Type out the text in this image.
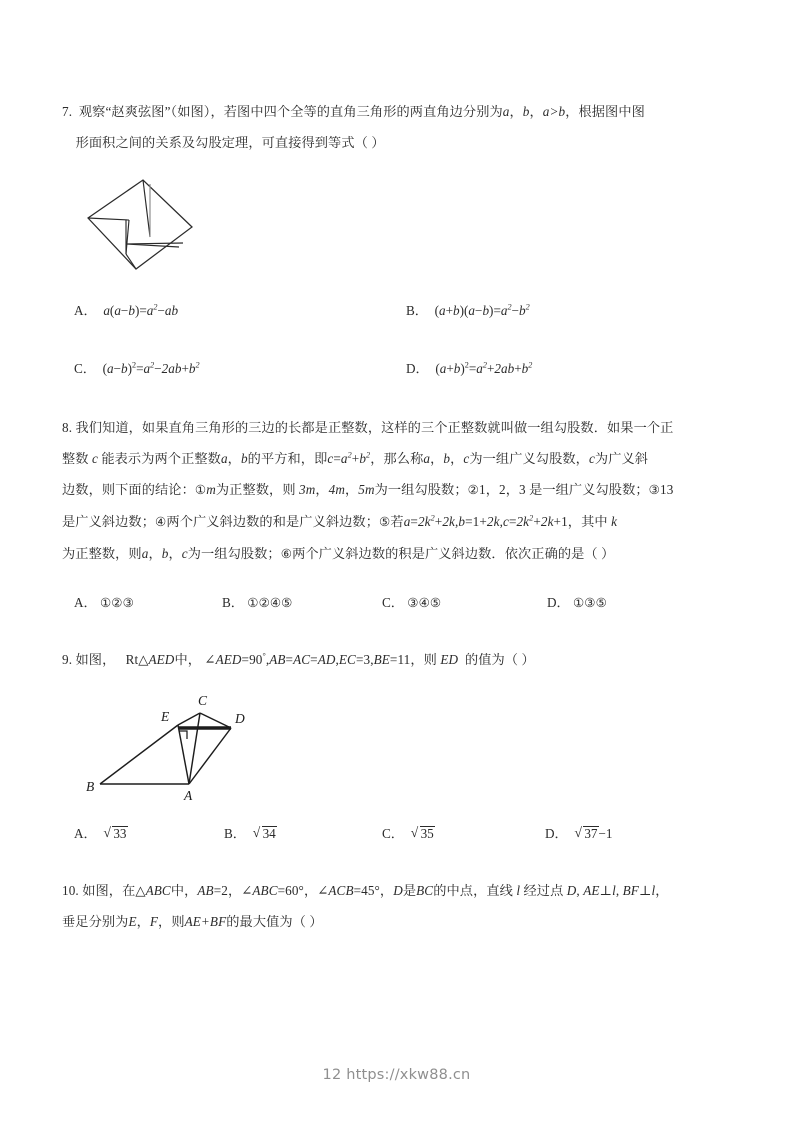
7. 观察“赵爽弦图”（如图），若图中四个全等的直角三角形的两直角边分别为a，b，a>b，根据图中图
形面积之间的关系及勾股定理，可直接得到等式（ ）
A． $a(a-b)=a^2-ab$	B． $(a+b)(a-b)=a^2-b^2$
C． $(a-b)^2=a^2-2ab+b^2$	D． $(a+b)^2=a^2+2ab+b^2$
8. 我们知道，如果直角三角形的三边的长都是正整数，这样的三个正整数就叫做一组勾股数．如果一个正
整数 c 能表示为两个正整数a，b的平方和，即$c=a^2+b^2$，那么称a，b，c为一组广义勾股数，c为广义斜
边数，则下面的结论：①m为正整数，则 3m，4m，5m为一组勾股数；②1，2，3 是一组广义勾股数；③13
是广义斜边数；④两个广义斜边数的和是广义斜边数；⑤若$a=2k^2+2k,b=1+2k,c=2k^2+2k+1$，其中 k
为正整数，则a，b，c为一组勾股数；⑥两个广义斜边数的积是广义斜边数．依次正确的是（ ）
A． ①②③	B． ①②④⑤	C． ③④⑤	D． ①③⑤
9. 如图， Rt△AED中， ∠AED=90°,AB=AC=AD,EC=3,BE=11，则 ED 的值为（ ）
B
A
E
C
D
A． √ 33	B． √ 34	C． √ 35	D． √ 37−1
10. 如图，在△ABC中，AB=2，∠ABC=60°，∠ACB=45°，D是BC的中点，直线 l 经过点 D, AE⊥l, BF⊥l，
垂足分别为E，F，则AE+BF的最大值为（ ）
12 https://xkw88.cn
